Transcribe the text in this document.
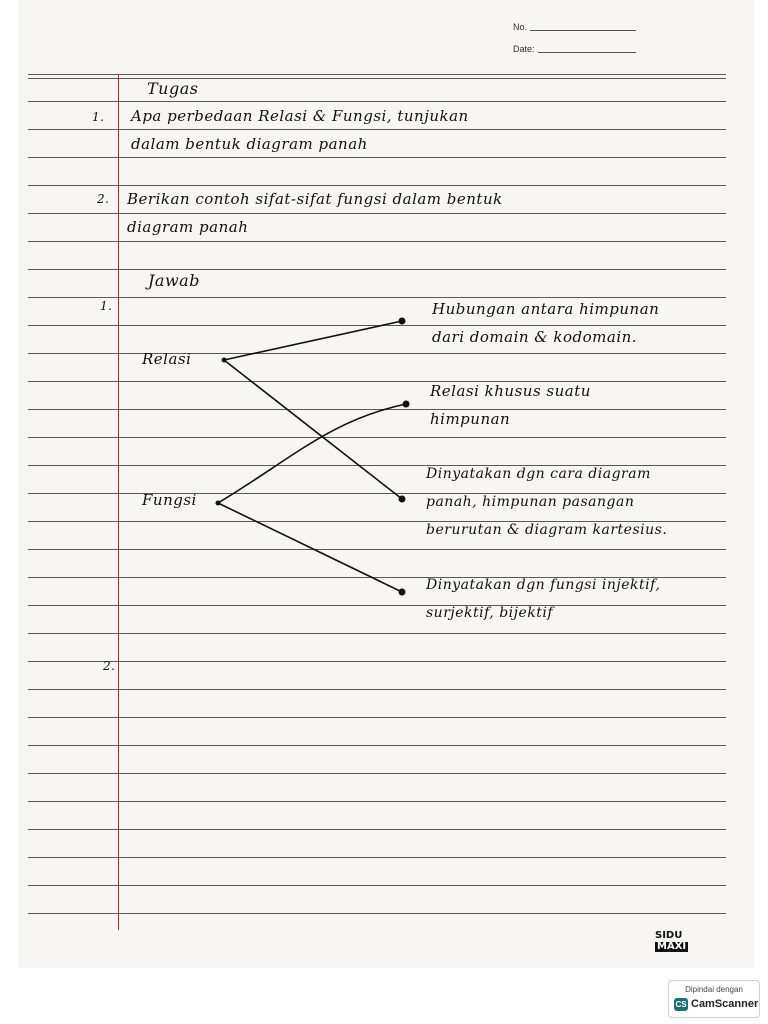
No.
Date:
Tugas
1. Apa perbedaan Relasi & Fungsi, tunjukan
dalam bentuk diagram panah
2. Berikan contoh sifat-sifat fungsi dalam bentuk
diagram panah
Jawab
1.
Relasi
Fungsi
Hubungan antara himpunan
dari domain & kodomain.
Relasi khusus suatu
himpunan
Dinyatakan dgn cara diagram
panah, himpunan pasangan
berurutan & diagram kartesius.
Dinyatakan dgn fungsi injektif,
surjektif, bijektif
2.
SIDU
MAXI
Dipindai dengan
CS CamScanner
